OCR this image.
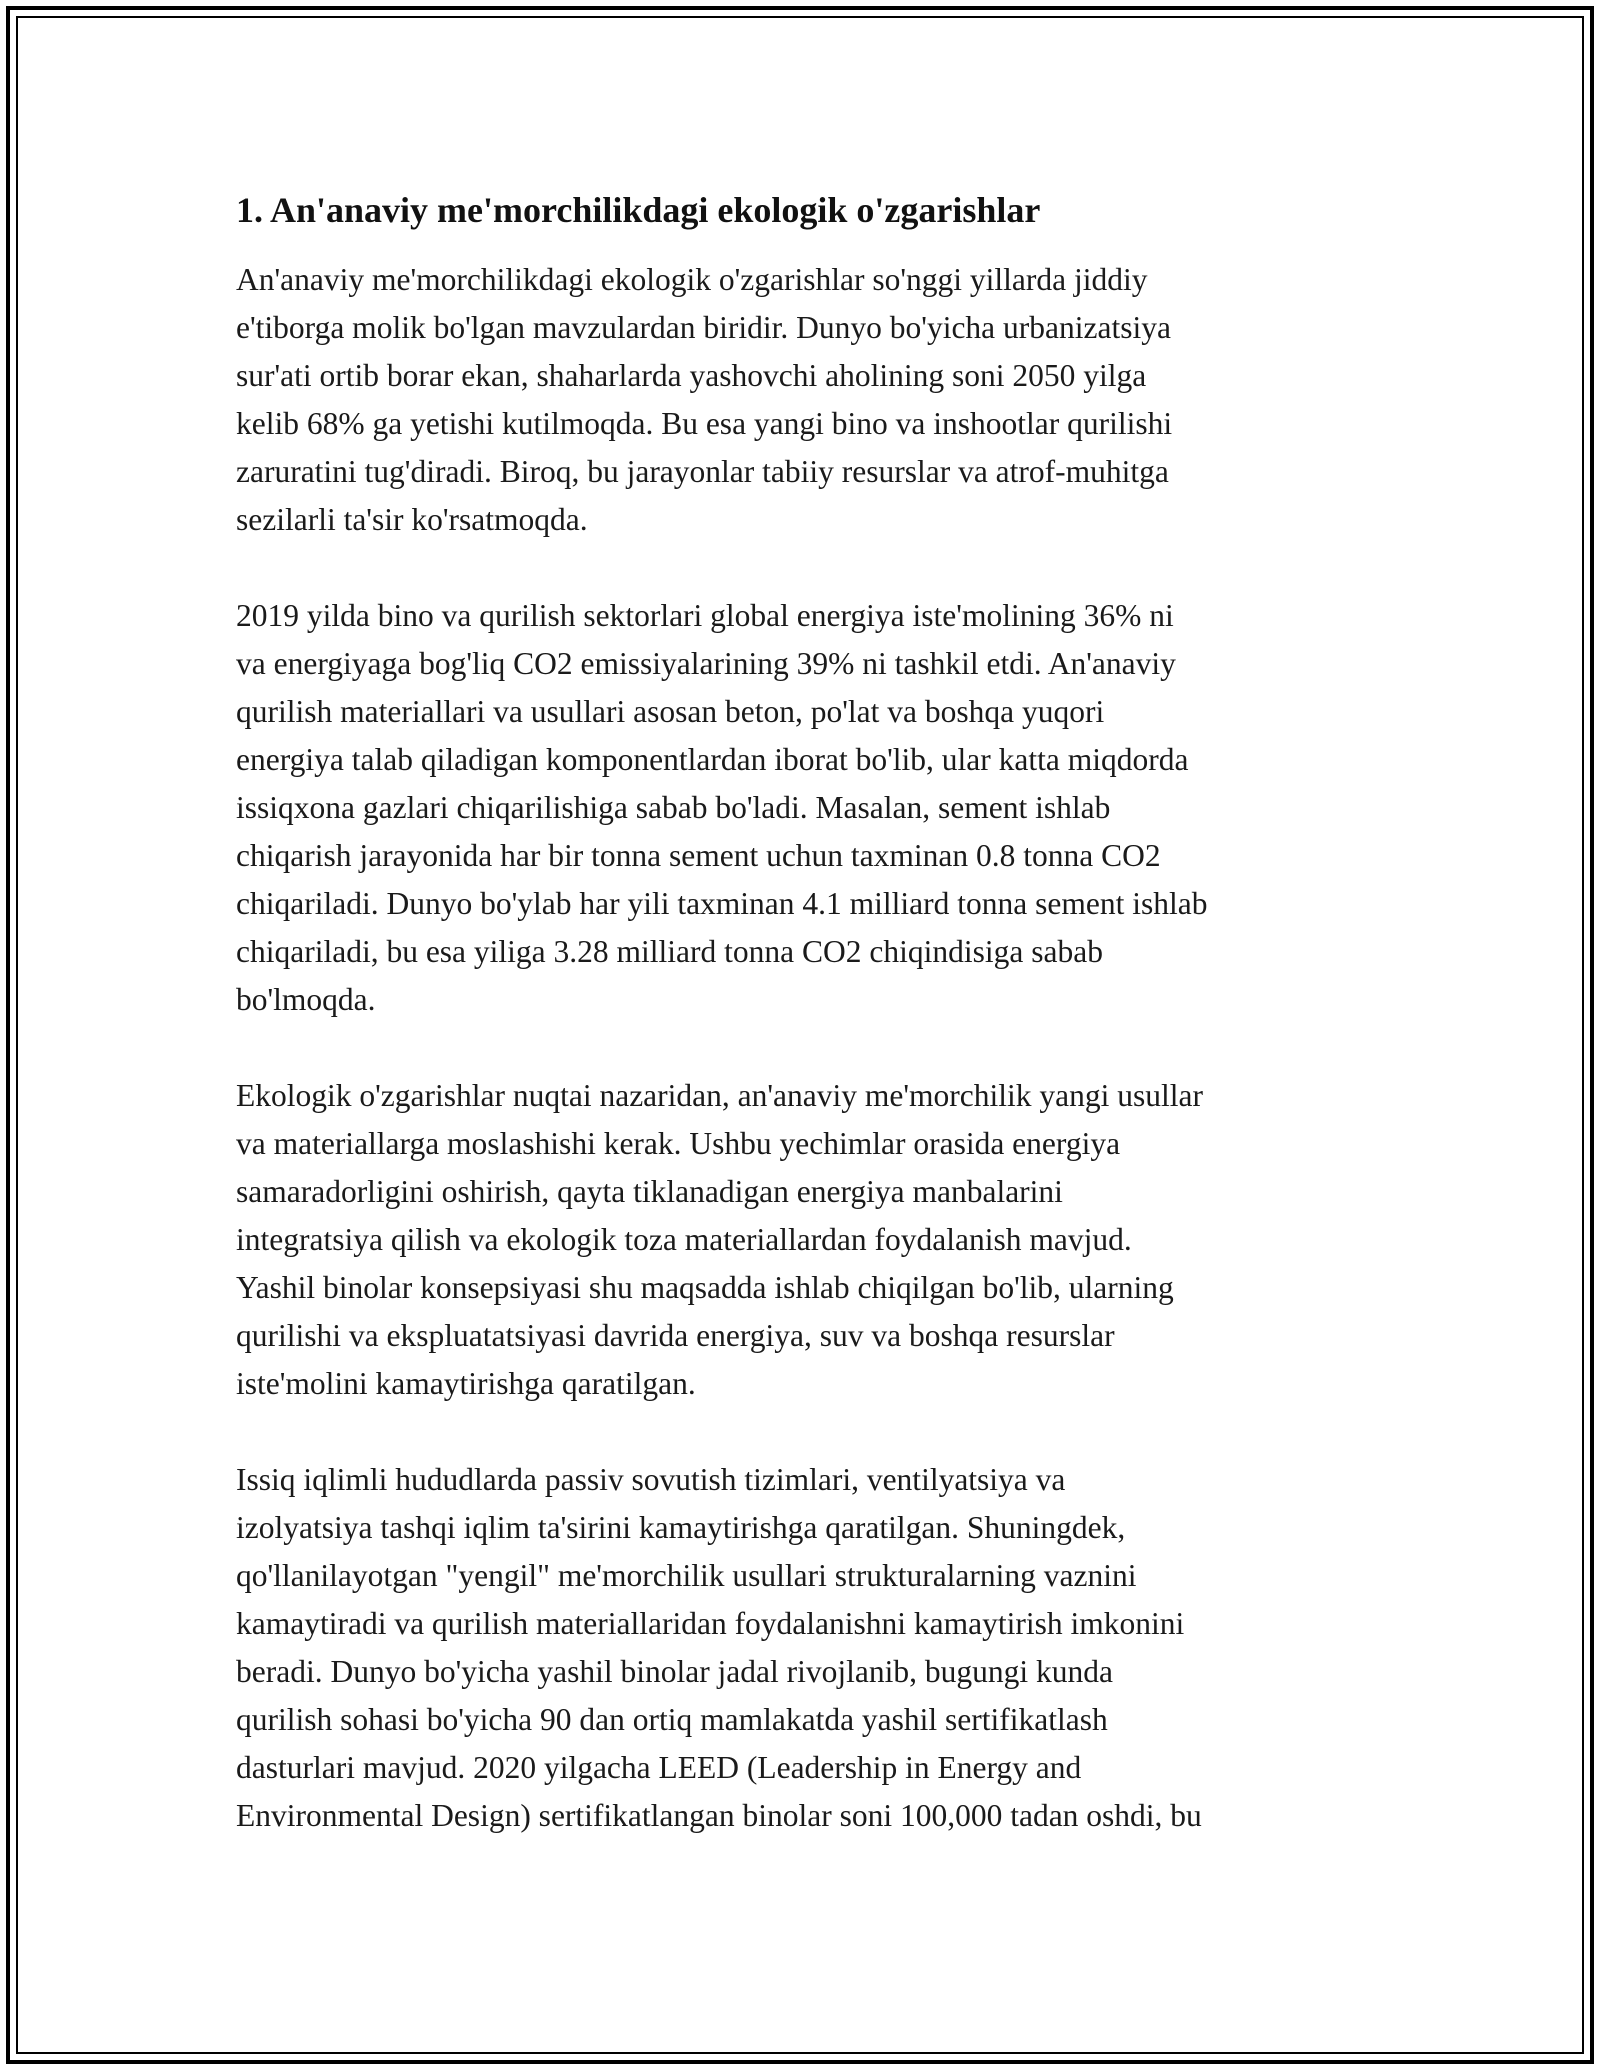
1. An'anaviy me'morchilikdagi ekologik o'zgarishlar

An'anaviy me'morchilikdagi ekologik o'zgarishlar so'nggi yillarda jiddiy
e'tiborga molik bo'lgan mavzulardan biridir. Dunyo bo'yicha urbanizatsiya
sur'ati ortib borar ekan, shaharlarda yashovchi aholining soni 2050 yilga
kelib 68% ga yetishi kutilmoqda. Bu esa yangi bino va inshootlar qurilishi
zaruratini tug'diradi. Biroq, bu jarayonlar tabiiy resurslar va atrof-muhitga
sezilarli ta'sir ko'rsatmoqda.

2019 yilda bino va qurilish sektorlari global energiya iste'molining 36% ni
va energiyaga bog'liq CO2 emissiyalarining 39% ni tashkil etdi. An'anaviy
qurilish materiallari va usullari asosan beton, po'lat va boshqa yuqori
energiya talab qiladigan komponentlardan iborat bo'lib, ular katta miqdorda
issiqxona gazlari chiqarilishiga sabab bo'ladi. Masalan, sement ishlab
chiqarish jarayonida har bir tonna sement uchun taxminan 0.8 tonna CO2
chiqariladi. Dunyo bo'ylab har yili taxminan 4.1 milliard tonna sement ishlab
chiqariladi, bu esa yiliga 3.28 milliard tonna CO2 chiqindisiga sabab
bo'lmoqda.

Ekologik o'zgarishlar nuqtai nazaridan, an'anaviy me'morchilik yangi usullar
va materiallarga moslashishi kerak. Ushbu yechimlar orasida energiya
samaradorligini oshirish, qayta tiklanadigan energiya manbalarini
integratsiya qilish va ekologik toza materiallardan foydalanish mavjud.
Yashil binolar konsepsiyasi shu maqsadda ishlab chiqilgan bo'lib, ularning
qurilishi va ekspluatatsiyasi davrida energiya, suv va boshqa resurslar
iste'molini kamaytirishga qaratilgan.

Issiq iqlimli hududlarda passiv sovutish tizimlari, ventilyatsiya va
izolyatsiya tashqi iqlim ta'sirini kamaytirishga qaratilgan. Shuningdek,
qo'llanilayotgan "yengil" me'morchilik usullari strukturalarning vaznini
kamaytiradi va qurilish materiallaridan foydalanishni kamaytirish imkonini
beradi. Dunyo bo'yicha yashil binolar jadal rivojlanib, bugungi kunda
qurilish sohasi bo'yicha 90 dan ortiq mamlakatda yashil sertifikatlash
dasturlari mavjud. 2020 yilgacha LEED (Leadership in Energy and
Environmental Design) sertifikatlangan binolar soni 100,000 tadan oshdi, bu
